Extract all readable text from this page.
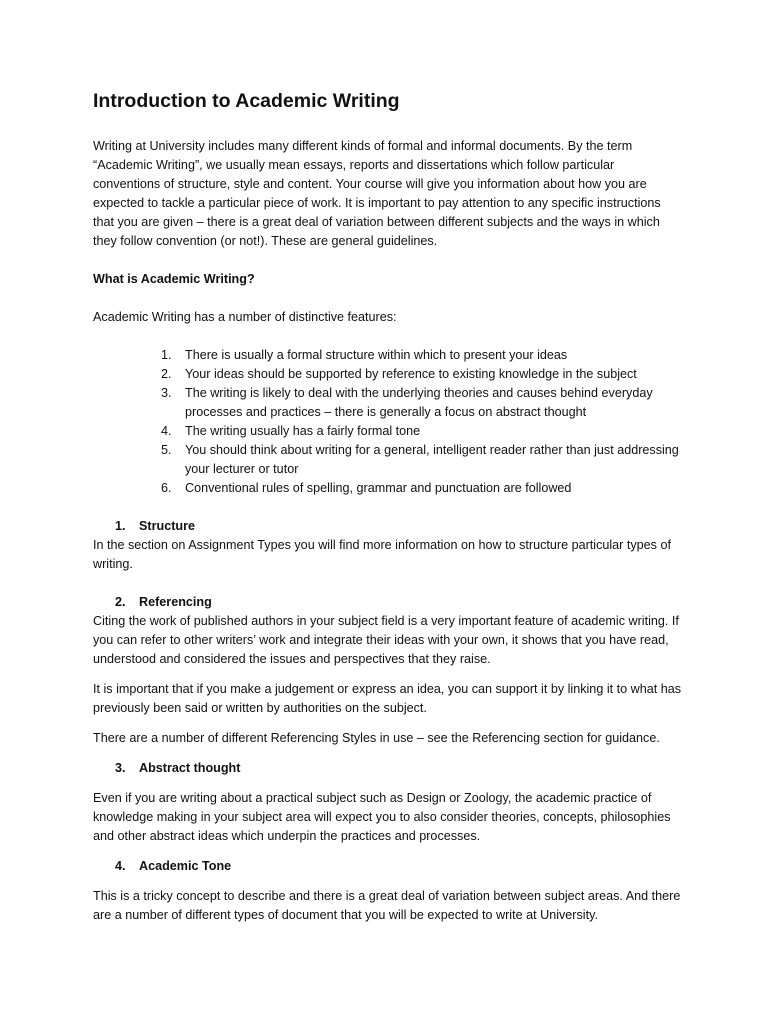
Introduction to Academic Writing

Writing at University includes many different kinds of formal and informal documents. By the term “Academic Writing”, we usually mean essays, reports and dissertations which follow particular conventions of structure, style and content. Your course will give you information about how you are expected to tackle a particular piece of work. It is important to pay attention to any specific instructions that you are given – there is a great deal of variation between different subjects and the ways in which they follow convention (or not!). These are general guidelines.

What is Academic Writing?

Academic Writing has a number of distinctive features:

1. There is usually a formal structure within which to present your ideas
2. Your ideas should be supported by reference to existing knowledge in the subject
3. The writing is likely to deal with the underlying theories and causes behind everyday processes and practices – there is generally a focus on abstract thought
4. The writing usually has a fairly formal tone
5. You should think about writing for a general, intelligent reader rather than just addressing your lecturer or tutor
6. Conventional rules of spelling, grammar and punctuation are followed

1. Structure

In the section on Assignment Types you will find more information on how to structure particular types of writing.

2. Referencing

Citing the work of published authors in your subject field is a very important feature of academic writing. If you can refer to other writers’ work and integrate their ideas with your own, it shows that you have read, understood and considered the issues and perspectives that they raise.

It is important that if you make a judgement or express an idea, you can support it by linking it to what has previously been said or written by authorities on the subject.

There are a number of different Referencing Styles in use – see the Referencing section for guidance.

3. Abstract thought

Even if you are writing about a practical subject such as Design or Zoology, the academic practice of knowledge making in your subject area will expect you to also consider theories, concepts, philosophies and other abstract ideas which underpin the practices and processes.

4. Academic Tone

This is a tricky concept to describe and there is a great deal of variation between subject areas. And there are a number of different types of document that you will be expected to write at University.
